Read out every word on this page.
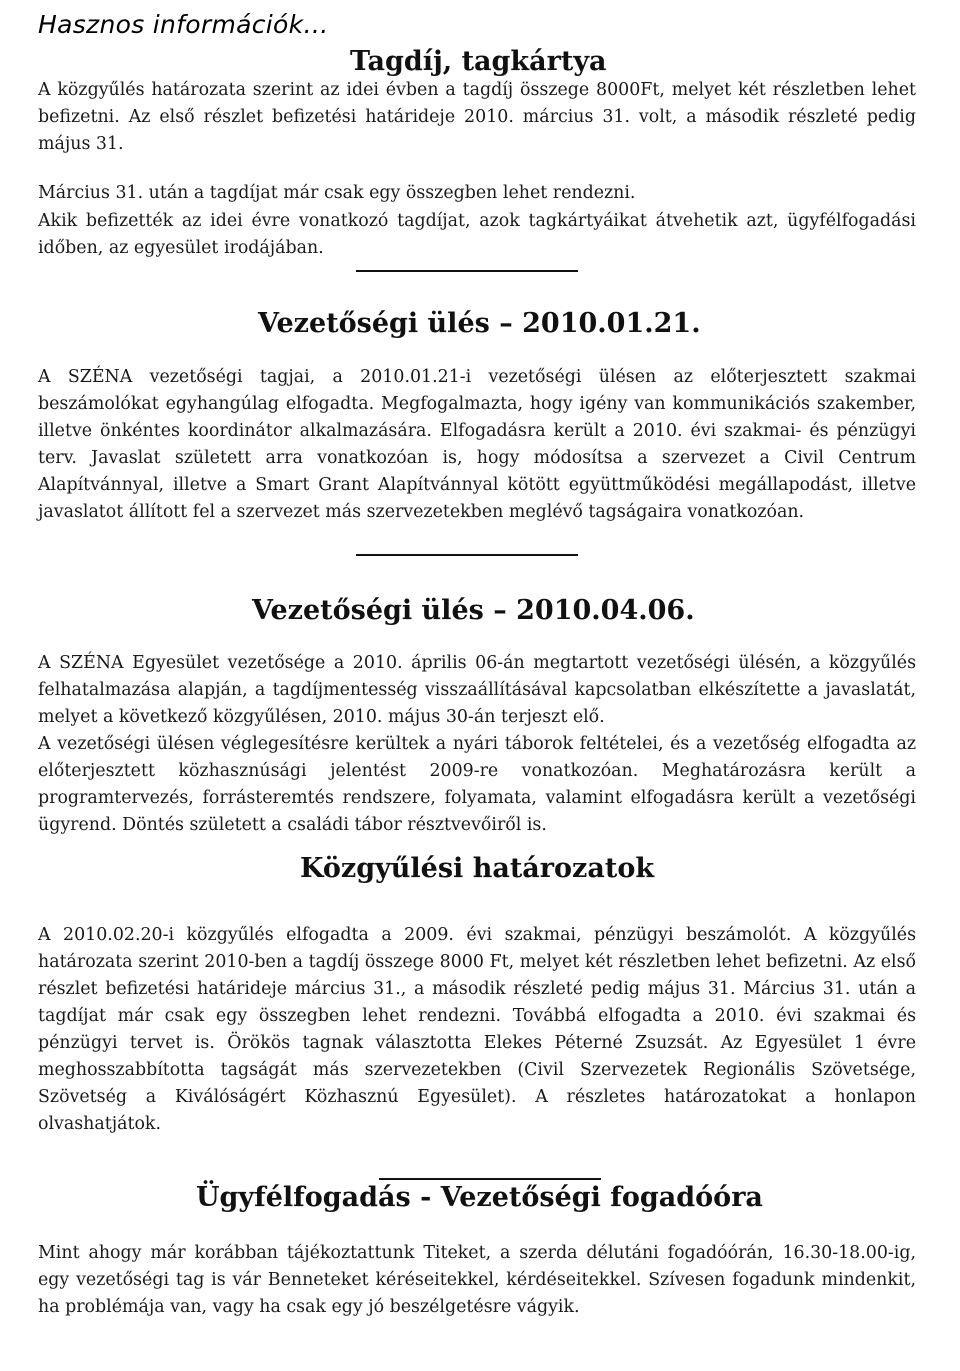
Hasznos információk…
Tagdíj, tagkártya

A közgyűlés határozata szerint az idei évben a tagdíj összege 8000Ft, melyet két részletben lehet befizetni. Az első részlet befizetési határideje 2010. március 31. volt, a második részleté pedig május 31.

Március 31. után a tagdíjat már csak egy összegben lehet rendezni.

Akik befizették az idei évre vonatkozó tagdíjat, azok tagkártyáikat átvehetik azt, ügyfélfogadási időben, az egyesület irodájában.

Vezetőségi ülés – 2010.01.21.

A SZÉNA vezetőségi tagjai, a 2010.01.21-i vezetőségi ülésen az előterjesztett szakmai beszámolókat egyhangúlag elfogadta. Megfogalmazta, hogy igény van kommunikációs szakember, illetve önkéntes koordinátor alkalmazására. Elfogadásra került a 2010. évi szakmai- és pénzügyi terv. Javaslat született arra vonatkozóan is, hogy módosítsa a szervezet a Civil Centrum Alapítvánnyal, illetve a Smart Grant Alapítvánnyal kötött együttműködési megállapodást, illetve javaslatot állított fel a szervezet más szervezetekben meglévő tagságaira vonatkozóan.

Vezetőségi ülés – 2010.04.06.

A SZÉNA Egyesület vezetősége a 2010. április 06-án megtartott vezetőségi ülésén, a közgyűlés felhatalmazása alapján, a tagdíjmentesség visszaállításával kapcsolatban elkészítette a javaslatát, melyet a következő közgyűlésen, 2010. május 30-án terjeszt elő.

A vezetőségi ülésen véglegesítésre kerültek a nyári táborok feltételei, és a vezetőség elfogadta az előterjesztett közhasznúsági jelentést 2009-re vonatkozóan. Meghatározásra került a programtervezés, forrásteremtés rendszere, folyamata, valamint elfogadásra került a vezetőségi ügyrend. Döntés született a családi tábor résztvevőiről is.

Közgyűlési határozatok

A 2010.02.20-i közgyűlés elfogadta a 2009. évi szakmai, pénzügyi beszámolót. A közgyűlés határozata szerint 2010-ben a tagdíj összege 8000 Ft, melyet két részletben lehet befizetni. Az első részlet befizetési határideje március 31., a második részleté pedig május 31. Március 31. után a tagdíjat már csak egy összegben lehet rendezni. Továbbá elfogadta a 2010. évi szakmai és pénzügyi tervet is. Örökös tagnak választotta Elekes Péterné Zsuzsát. Az Egyesület 1 évre meghosszabbította tagságát más szervezetekben (Civil Szervezetek Regionális Szövetsége, Szövetség a Kiválóságért Közhasznú Egyesület). A részletes határozatokat a honlapon olvashatjátok.

Ügyfélfogadás - Vezetőségi fogadóóra

Mint ahogy már korábban tájékoztattunk Titeket, a szerda délutáni fogadóórán, 16.30-18.00-ig, egy vezetőségi tag is vár Benneteket kéréseitekkel, kérdéseitekkel. Szívesen fogadunk mindenkit, ha problémája van, vagy ha csak egy jó beszélgetésre vágyik.
